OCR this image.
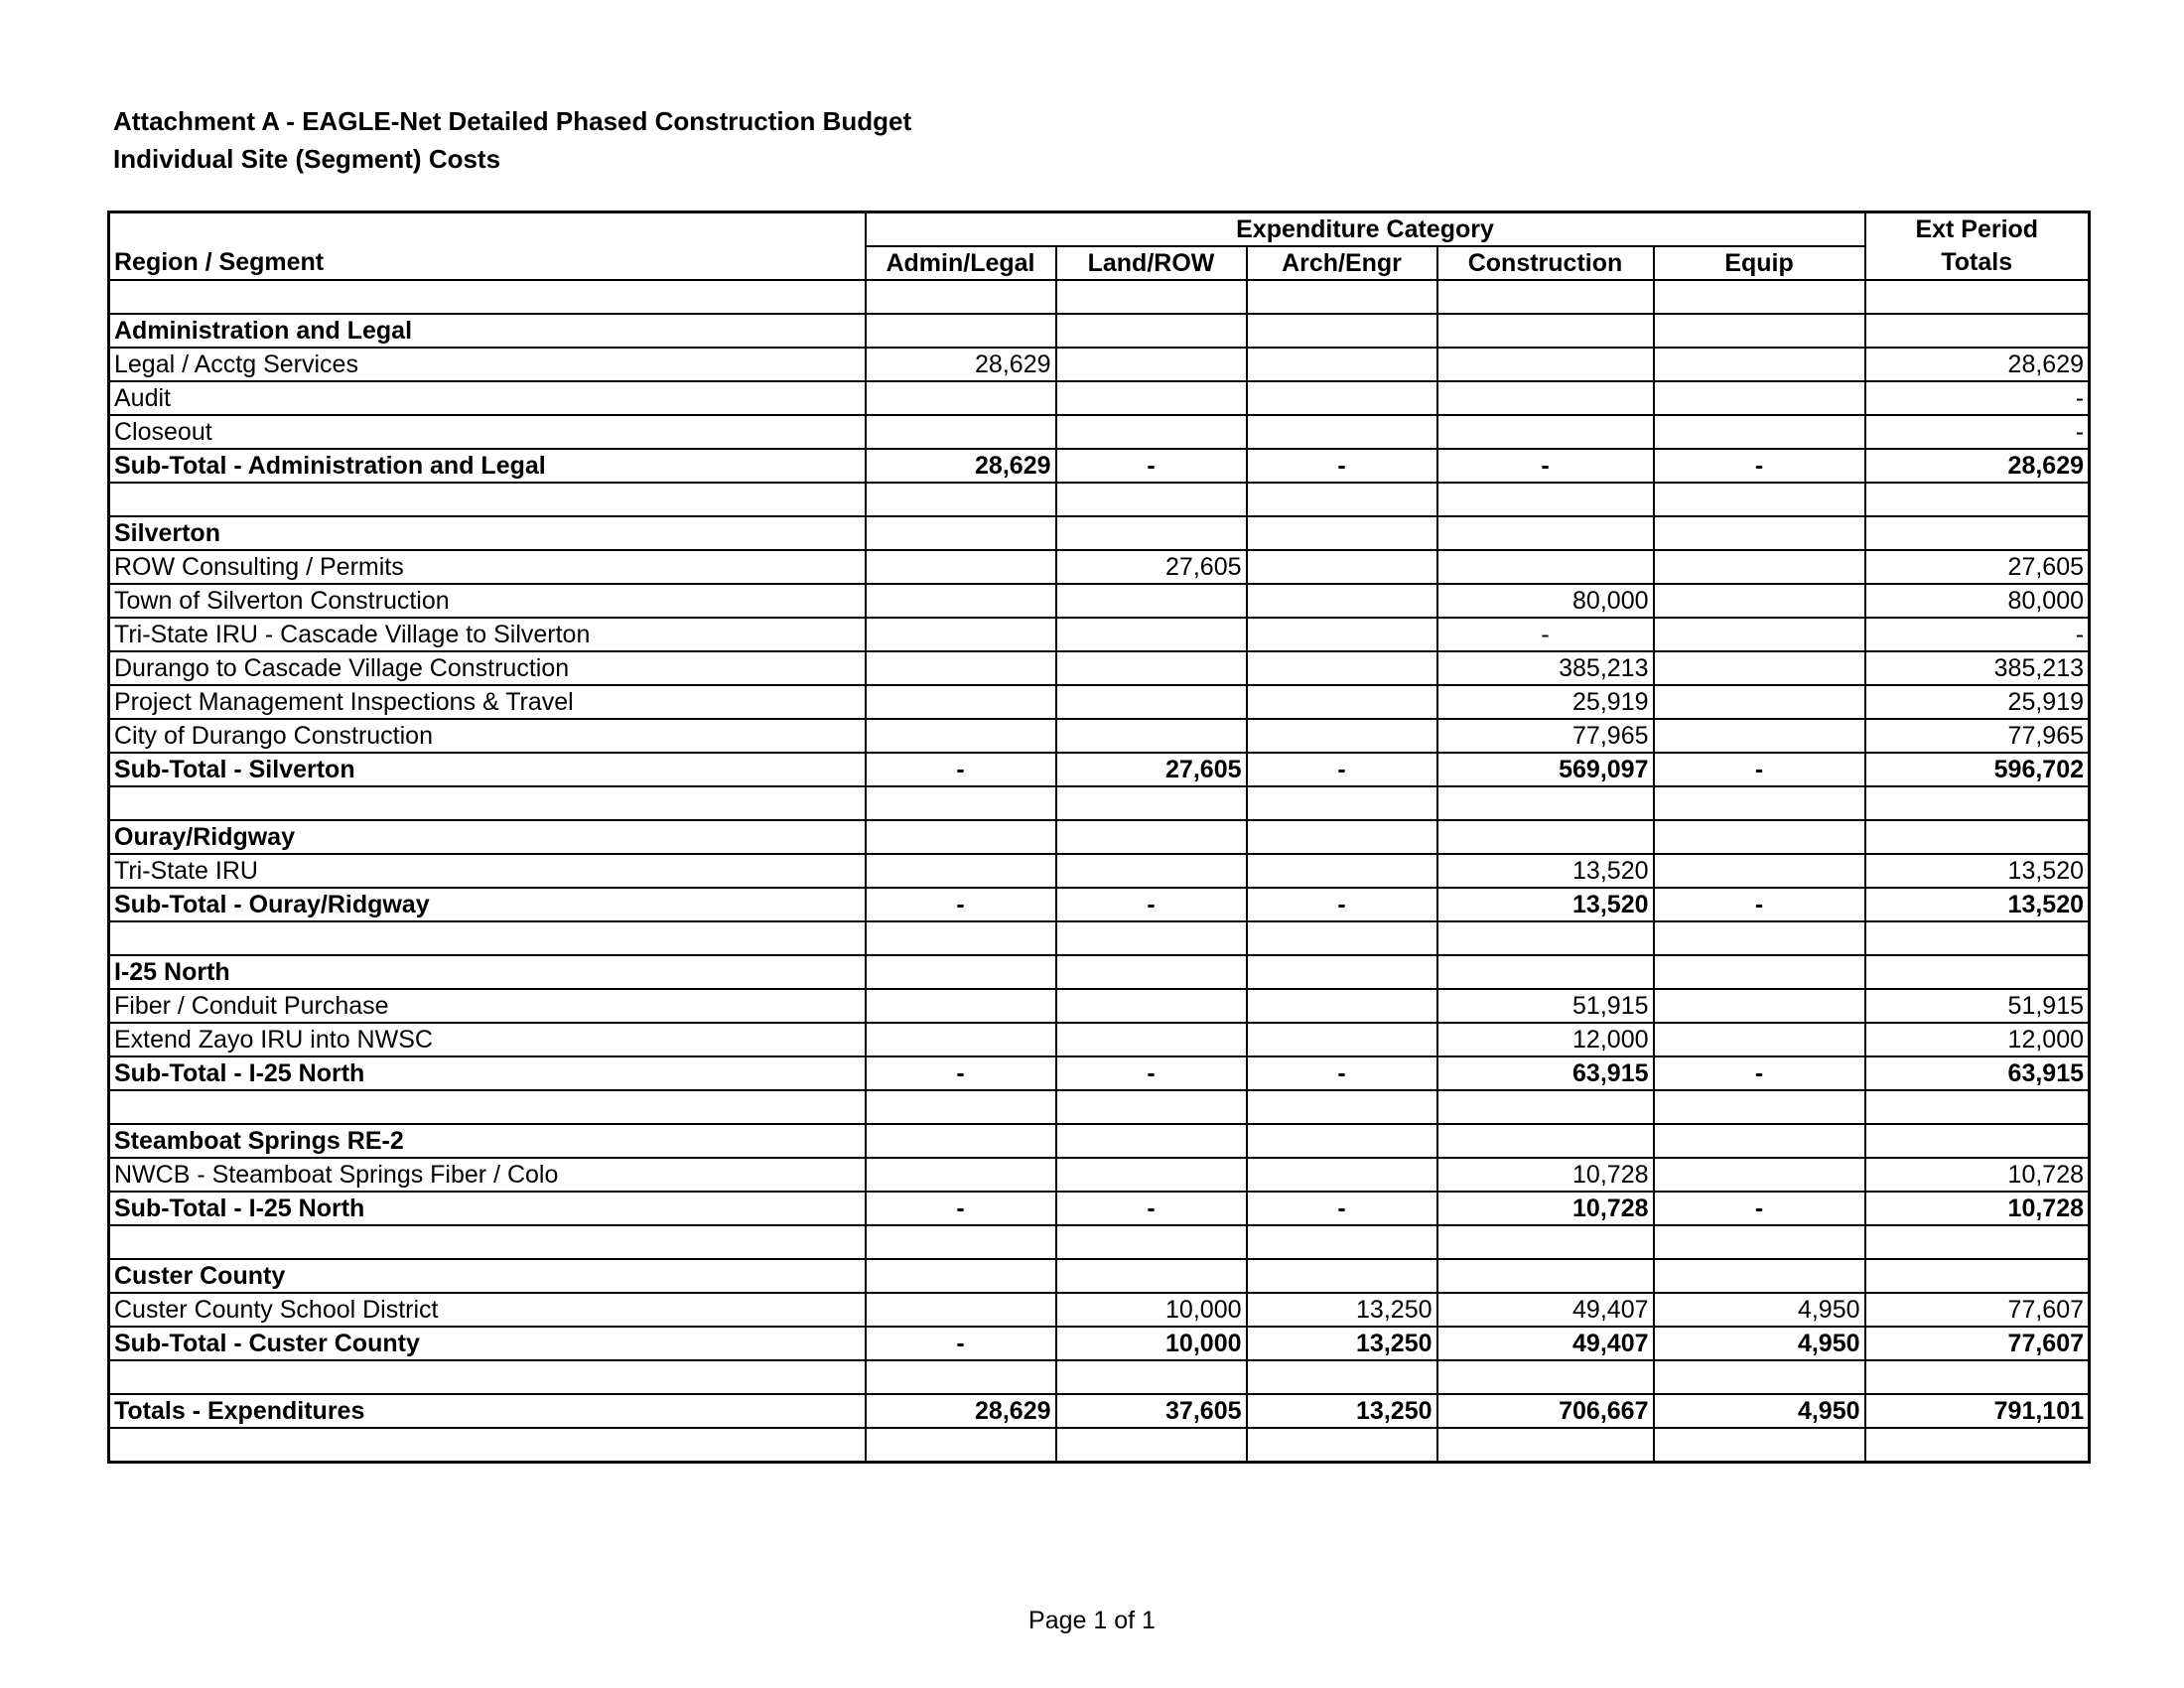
Attachment A - EAGLE-Net Detailed Phased Construction Budget
Individual Site (Segment) Costs
	Expenditure Category					Ext Period
Region / Segment	Admin/Legal	Land/ROW	Arch/Engr	Construction	Equip	Totals

Administration and Legal						
Legal / Acctg Services	28,629					28,629
Audit						-
Closeout						-
Sub-Total - Administration and Legal	28,629	-	-	-	-	28,629

Silverton						
ROW Consulting / Permits		27,605				27,605
Town of Silverton Construction				80,000		80,000
Tri-State IRU - Cascade Village to Silverton				-		-
Durango to Cascade Village Construction				385,213		385,213
Project Management Inspections & Travel				25,919		25,919
City of Durango Construction				77,965		77,965
Sub-Total - Silverton	-	27,605	-	569,097	-	596,702

Ouray/Ridgway						
Tri-State IRU				13,520		13,520
Sub-Total - Ouray/Ridgway	-	-	-	13,520	-	13,520

I-25 North						
Fiber / Conduit Purchase				51,915		51,915
Extend Zayo IRU into NWSC				12,000		12,000
Sub-Total - I-25 North	-	-	-	63,915	-	63,915

Steamboat Springs RE-2						
NWCB - Steamboat Springs Fiber / Colo				10,728		10,728
Sub-Total - I-25 North	-	-	-	10,728	-	10,728

Custer County						
Custer County School District		10,000	13,250	49,407	4,950	77,607
Sub-Total - Custer County	-	10,000	13,250	49,407	4,950	77,607

Totals - Expenditures	28,629	37,605	13,250	706,667	4,950	791,101

Page 1 of 1
